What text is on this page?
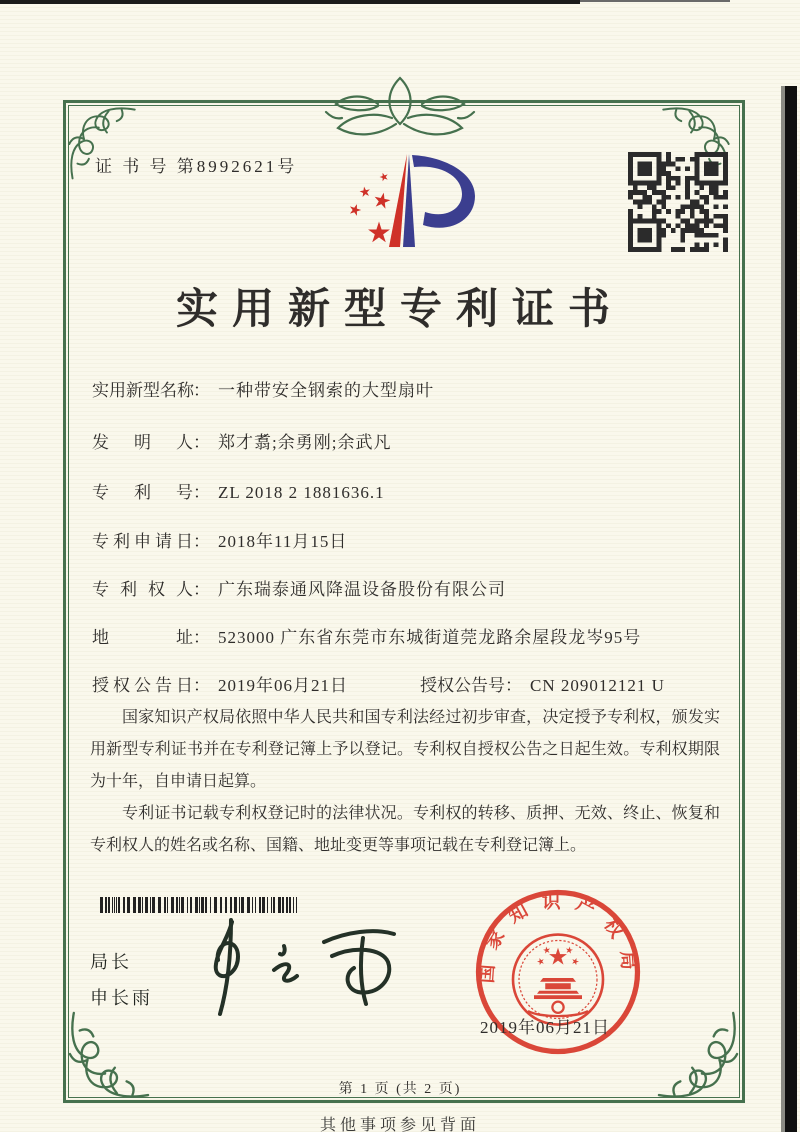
证 书 号 第8992621号
实用新型专利证书
实用新型名称： 一种带安全钢索的大型扇叶
发明人： 郑才翥;余勇刚;余武凡
专利号： ZL 2018 2 1881636.1
专利申请日： 2018年11月15日
专利权人： 广东瑞泰通风降温设备股份有限公司
地址： 523000 广东省东莞市东城街道莞龙路余屋段龙岑95号
授权公告日： 2019年06月21日	授权公告号： CN 209012121 U

国家知识产权局依照中华人民共和国专利法经过初步审查，决定授予专利权，颁发实用新型专利证书并在专利登记簿上予以登记。专利权自授权公告之日起生效。专利权期限为十年，自申请日起算。

专利证书记载专利权登记时的法律状况。专利权的转移、质押、无效、终止、恢复和专利权人的姓名或名称、国籍、地址变更等事项记载在专利登记簿上。

局长
申长雨
国家知识产权局
2019年06月21日
第 1 页 (共 2 页)
其他事项参见背面
